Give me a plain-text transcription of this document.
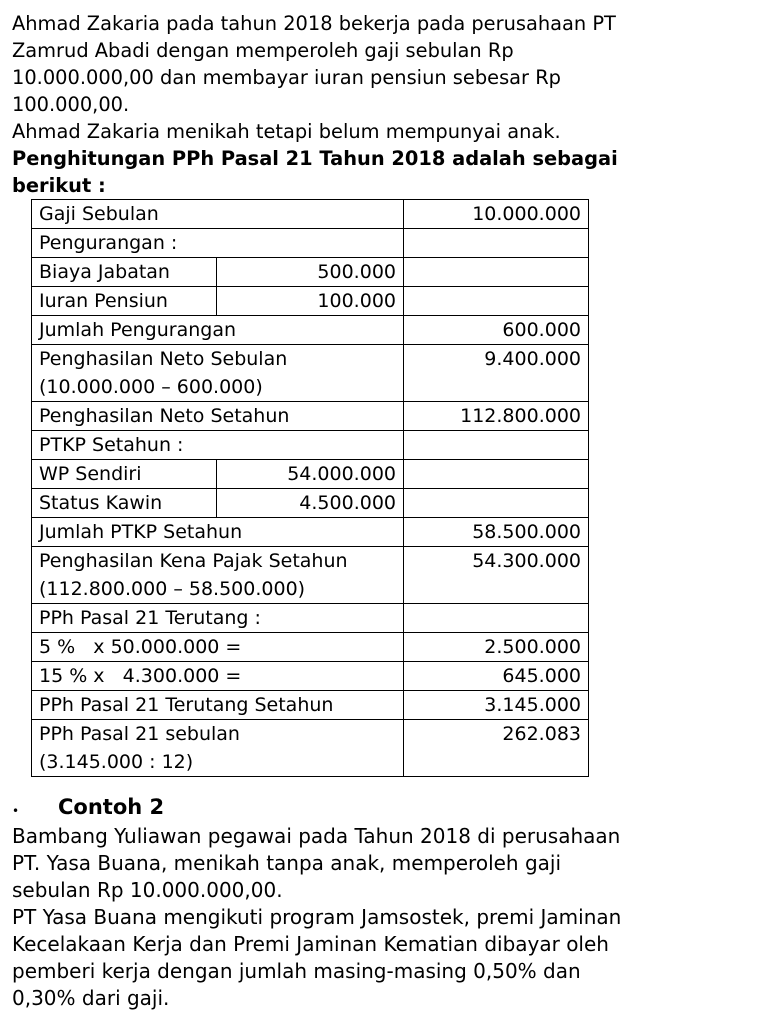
Ahmad Zakaria pada tahun 2018 bekerja pada perusahaan PT
Zamrud Abadi dengan memperoleh gaji sebulan Rp
10.000.000,00 dan membayar iuran pensiun sebesar Rp
100.000,00.
Ahmad Zakaria menikah tetapi belum mempunyai anak.
Penghitungan PPh Pasal 21 Tahun 2018 adalah sebagai
berikut :
Gaji Sebulan		10.000.000
Pengurangan :		
Biaya Jabatan	500.000	
Iuran Pensiun	100.000	
Jumlah Pengurangan		600.000
Penghasilan Neto Sebulan
(10.000.000 – 600.000)		9.400.000
Penghasilan Neto Setahun		112.800.000
PTKP Setahun :		
WP Sendiri	54.000.000	
Status Kawin	4.500.000	
Jumlah PTKP Setahun		58.500.000
Penghasilan Kena Pajak Setahun
(112.800.000 – 58.500.000)		54.300.000
PPh Pasal 21 Terutang :		
5 %   x 50.000.000 =		2.500.000
15 % x   4.300.000 =		645.000
PPh Pasal 21 Terutang Setahun		3.145.000
PPh Pasal 21 sebulan
(3.145.000 : 12)		262.083
• Contoh 2
Bambang Yuliawan pegawai pada Tahun 2018 di perusahaan
PT. Yasa Buana, menikah tanpa anak, memperoleh gaji
sebulan Rp 10.000.000,00.
PT Yasa Buana mengikuti program Jamsostek, premi Jaminan
Kecelakaan Kerja dan Premi Jaminan Kematian dibayar oleh
pemberi kerja dengan jumlah masing-masing 0,50% dan
0,30% dari gaji.
